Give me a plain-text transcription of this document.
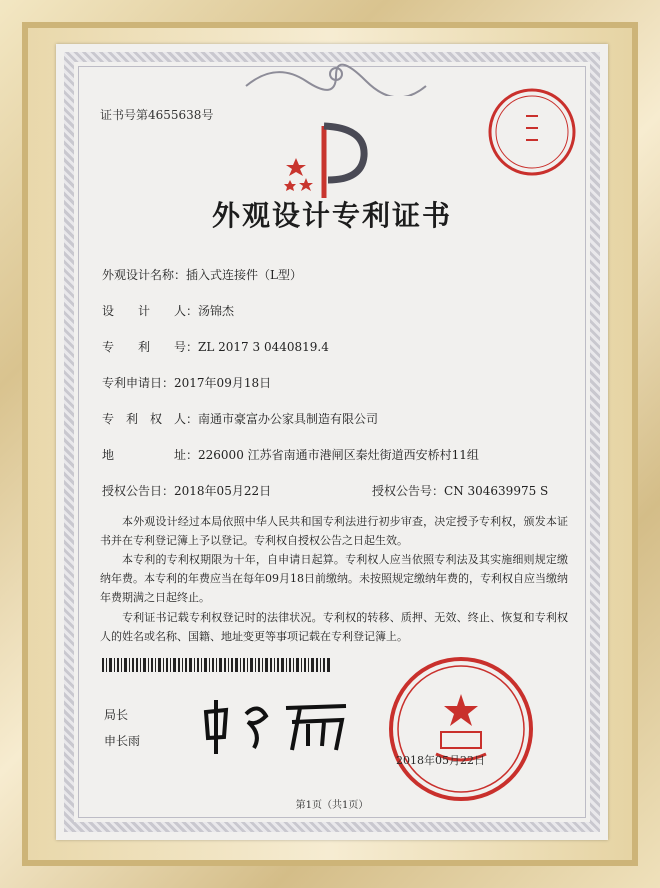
证书号第4655638号
外观设计专利证书
外观设计名称：插入式连接件（L型）
设　　计　　人：汤锦杰
专　　利　　号：ZL 2017 3 0440819.4
专利申请日：2017年09月18日
专　利　权　人：南通市豪富办公家具制造有限公司
地　　　　　址：226000 江苏省南通市港闸区秦灶街道西安桥村11组
授权公告日：2018年05月22日	授权公告号：CN 304639975 S
本外观设计经过本局依照中华人民共和国专利法进行初步审查，决定授予专利权，颁发本证书并在专利登记簿上予以登记。专利权自授权公告之日起生效。
本专利的专利权期限为十年，自申请日起算。专利权人应当依照专利法及其实施细则规定缴纳年费。本专利的年费应当在每年09月18日前缴纳。未按照规定缴纳年费的，专利权自应当缴纳年费期满之日起终止。
专利证书记载专利权登记时的法律状况。专利权的转移、质押、无效、终止、恢复和专利权人的姓名或名称、国籍、地址变更等事项记载在专利登记簿上。
局长
申长雨
2018年05月22日
第1页（共1页）
